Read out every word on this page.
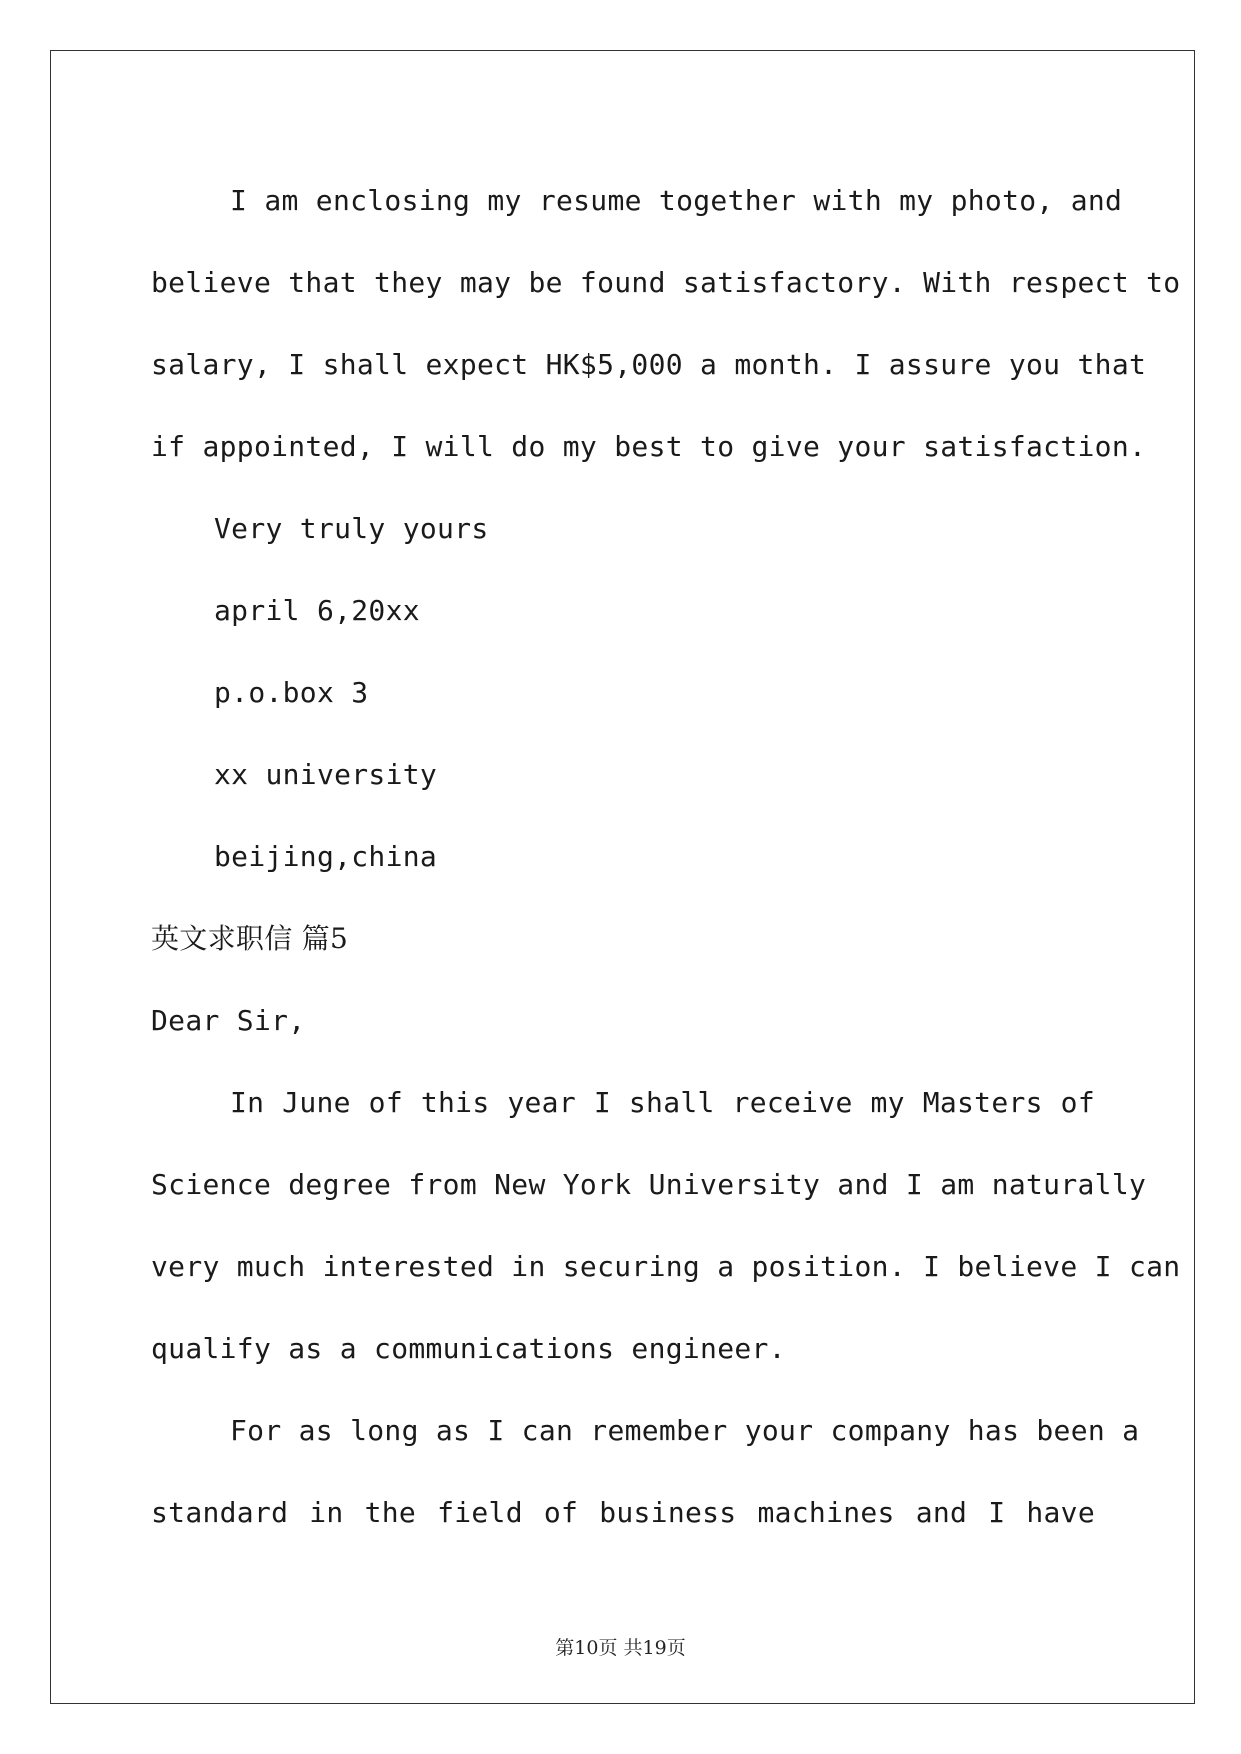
I am enclosing my resume together with my photo, and
believe that they may be found satisfactory. With respect to
salary, I shall expect HK$5,000 a month. I assure you that
if appointed, I will do my best to give your satisfaction.
Very truly yours
april 6,20xx
p.o.box 3
xx university
beijing,china
英文求职信 篇5
Dear Sir,
In June of this year I shall receive my Masters of
Science degree from New York University and I am naturally
very much interested in securing a position. I believe I can
qualify as a communications engineer.
For as long as I can remember your company has been a
standard in the field of business machines and I have
第10页 共19页
